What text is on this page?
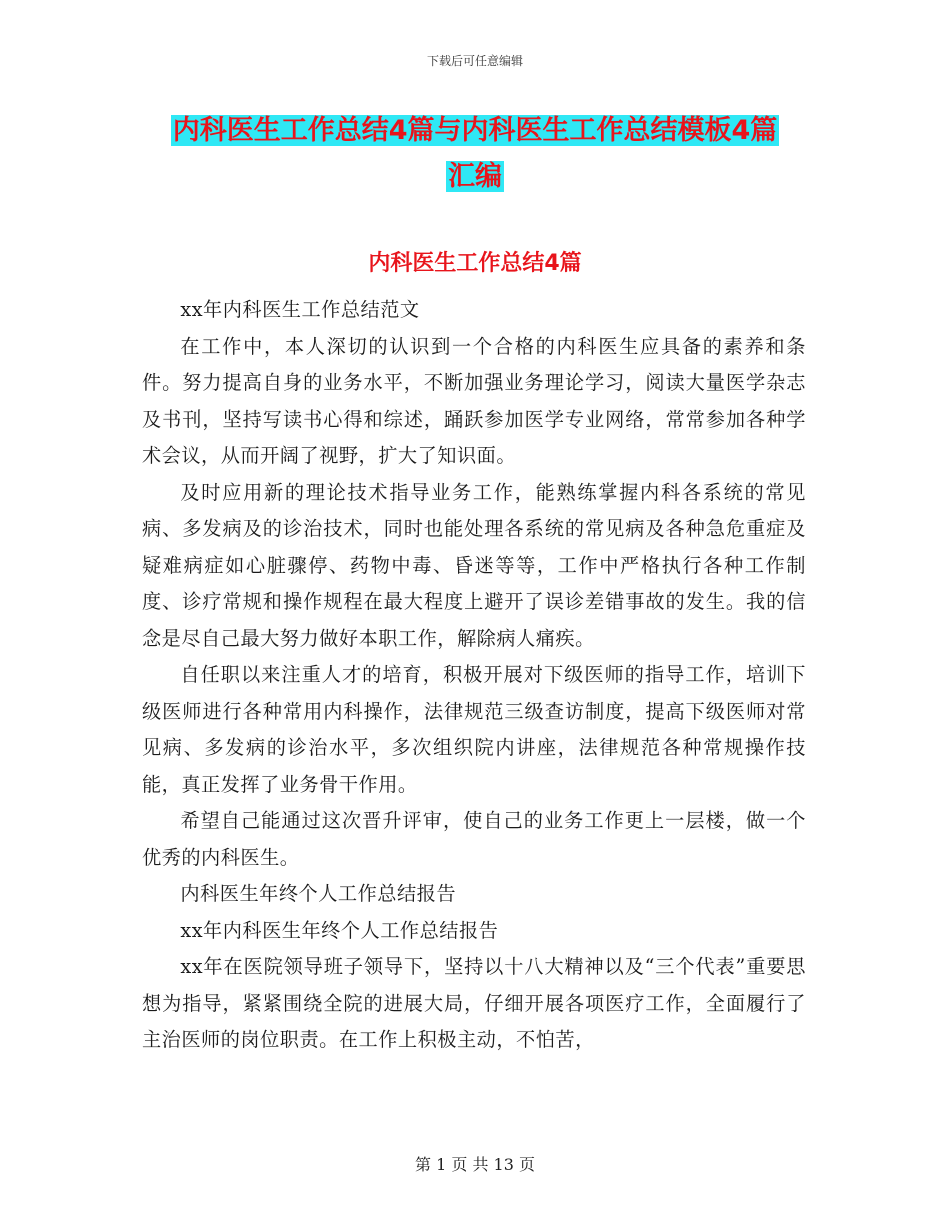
下载后可任意编辑
内科医生工作总结4篇与内科医生工作总结模板4篇
汇编
内科医生工作总结4篇

xx年内科医生工作总结范文

在工作中，本人深切的认识到一个合格的内科医生应具备的素养和条件。努力提高自身的业务水平，不断加强业务理论学习，阅读大量医学杂志及书刊，坚持写读书心得和综述，踊跃参加医学专业网络，常常参加各种学术会议，从而开阔了视野，扩大了知识面。

及时应用新的理论技术指导业务工作，能熟练掌握内科各系统的常见病、多发病及的诊治技术，同时也能处理各系统的常见病及各种急危重症及疑难病症如心脏骤停、药物中毒、昏迷等等，工作中严格执行各种工作制度、诊疗常规和操作规程在最大程度上避开了误诊差错事故的发生。我的信念是尽自己最大努力做好本职工作，解除病人痛疾。

自任职以来注重人才的培育，积极开展对下级医师的指导工作，培训下级医师进行各种常用内科操作，法律规范三级查访制度，提高下级医师对常见病、多发病的诊治水平，多次组织院内讲座，法律规范各种常规操作技能，真正发挥了业务骨干作用。

希望自己能通过这次晋升评审，使自己的业务工作更上一层楼，做一个优秀的内科医生。

内科医生年终个人工作总结报告

xx年内科医生年终个人工作总结报告

xx年在医院领导班子领导下，坚持以十八大精神以及“三个代表”重要思想为指导，紧紧围绕全院的进展大局，仔细开展各项医疗工作，全面履行了主治医师的岗位职责。在工作上积极主动，不怕苦，

第 1 页 共 13 页
